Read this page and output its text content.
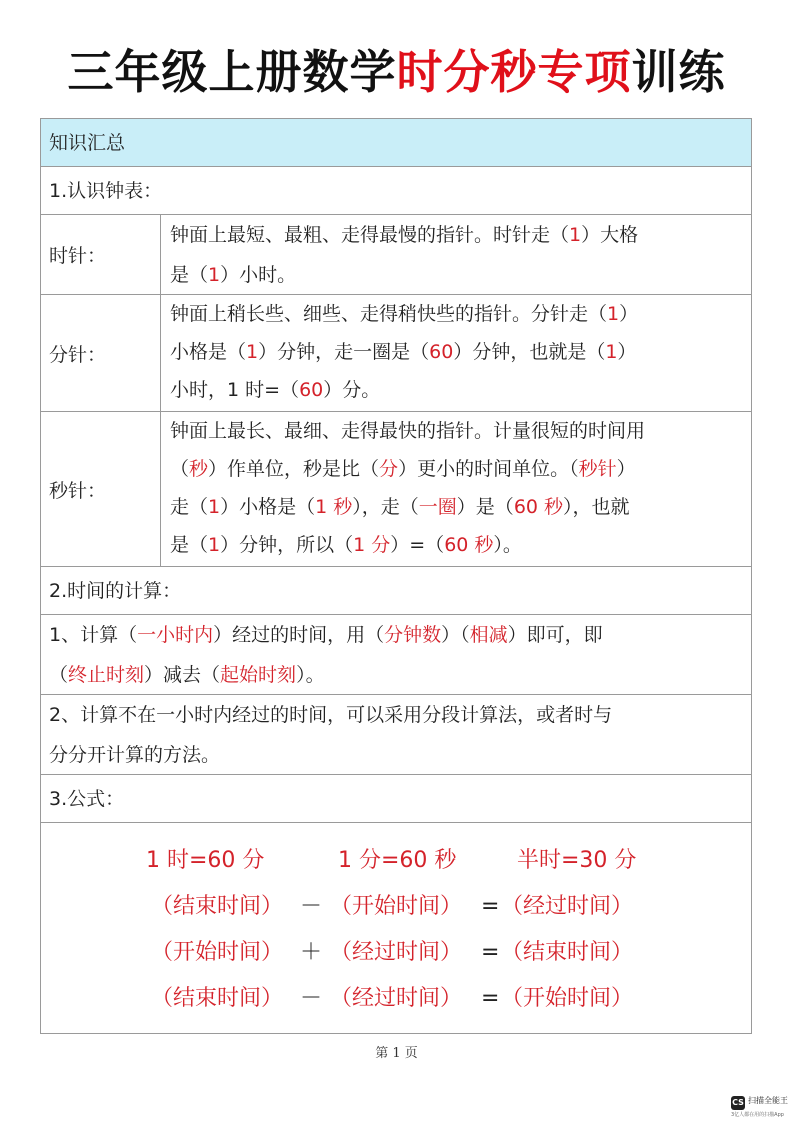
三年级上册数学时分秒专项训练
知识汇总
1.认识钟表：
时针：
钟面上最短、最粗、走得最慢的指针。时针走（1）大格
是（1）小时。
分针：
钟面上稍长些、细些、走得稍快些的指针。分针走（1）
小格是（1）分钟，走一圈是（60）分钟，也就是（1）
小时，1 时=（60）分。
秒针：
钟面上最长、最细、走得最快的指针。计量很短的时间用
（秒）作单位，秒是比（分）更小的时间单位。（秒针）
走（1）小格是（1 秒），走（一圈）是（60 秒），也就
是（1）分钟，所以（1 分）=（60 秒）。
2.时间的计算：
1、计算（一小时内）经过的时间，用（分钟数）（相减）即可，即
（终止时刻）减去（起始时刻）。
2、计算不在一小时内经过的时间，可以采用分段计算法，或者时与
分分开计算的方法。
3.公式：
1 时=60 分	1 分=60 秒	半时=30 分
（结束时间） － （开始时间） = （经过时间）
（开始时间） ＋ （经过时间） = （结束时间）
（结束时间） － （经过时间） = （开始时间）
第 1 页
CS 扫描全能王
3亿人都在用的扫描App
